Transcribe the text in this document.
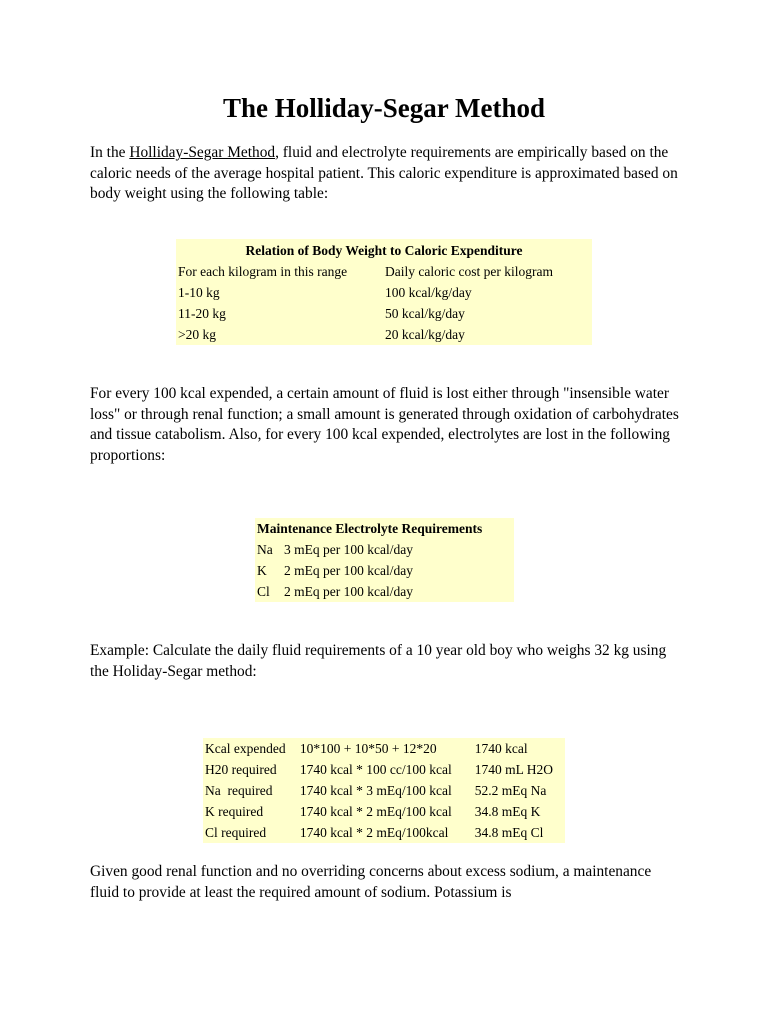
The Holliday-Segar Method

In the Holliday-Segar Method, fluid and electrolyte requirements are empirically based on the caloric needs of the average hospital patient. This caloric expenditure is approximated based on body weight using the following table:

Relation of Body Weight to Caloric Expenditure	
For each kilogram in this range	Daily caloric cost per kilogram
1-10 kg	100 kcal/kg/day
11-20 kg	50 kcal/kg/day
>20 kg	20 kcal/kg/day

For every 100 kcal expended, a certain amount of fluid is lost either through "insensible water loss" or through renal function; a small amount is generated through oxidation of carbohydrates and tissue catabolism. Also, for every 100 kcal expended, electrolytes are lost in the following proportions:

Maintenance Electrolyte Requirements	
Na	3 mEq per 100 kcal/day
K	2 mEq per 100 kcal/day
Cl	2 mEq per 100 kcal/day

Example: Calculate the daily fluid requirements of a 10 year old boy who weighs 32 kg using the Holiday-Segar method:

Kcal expended	10*100 + 10*50 + 12*20	1740 kcal
H20 required	1740 kcal * 100 cc/100 kcal	1740 mL H2O
Na  required	1740 kcal * 3 mEq/100 kcal	52.2 mEq Na
K required	1740 kcal * 2 mEq/100 kcal	34.8 mEq K
Cl required	1740 kcal * 2 mEq/100kcal	34.8 mEq Cl

Given good renal function and no overriding concerns about excess sodium, a maintenance fluid to provide at least the required amount of sodium. Potassium is
